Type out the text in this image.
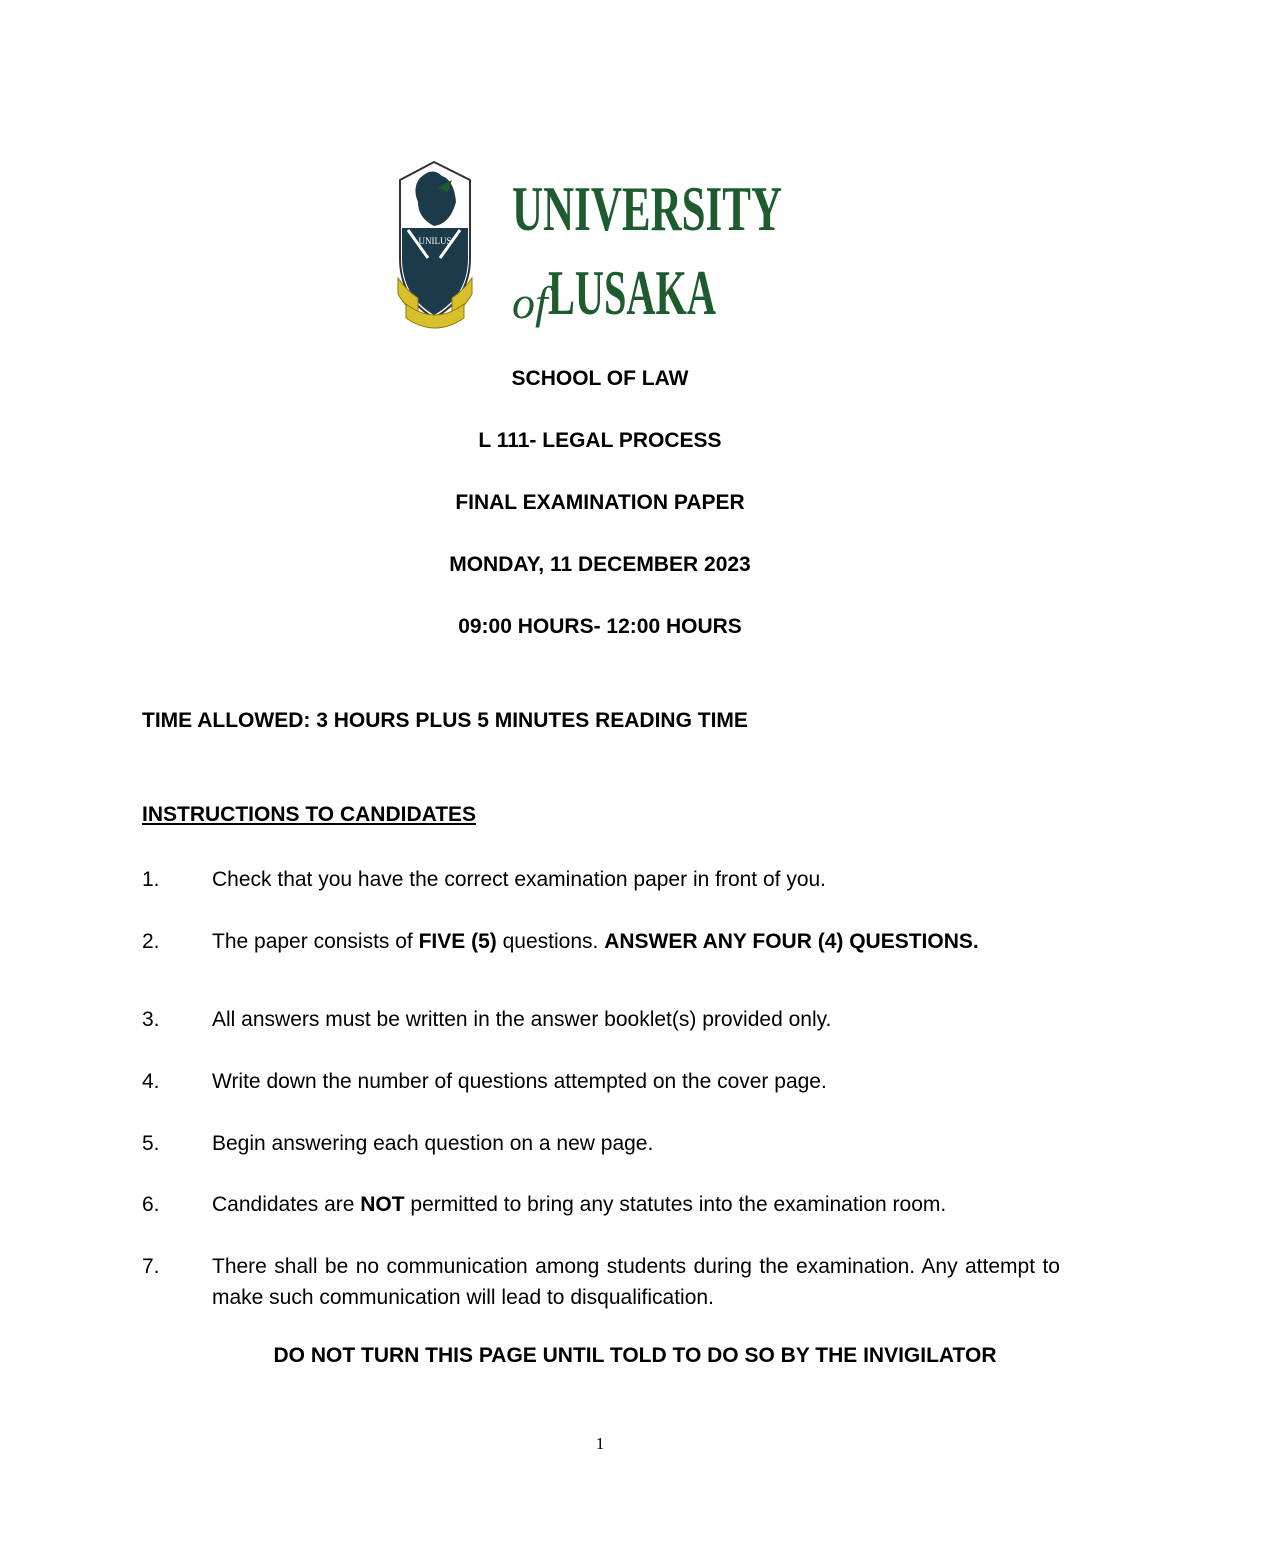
UNILUS UNIVERSITY
of LUSAKA
SCHOOL OF LAW
L 111- LEGAL PROCESS
FINAL EXAMINATION PAPER
MONDAY, 11 DECEMBER 2023
09:00 HOURS- 12:00 HOURS
TIME ALLOWED: 3 HOURS PLUS 5 MINUTES READING TIME
INSTRUCTIONS TO CANDIDATES
1. Check that you have the correct examination paper in front of you.
2. The paper consists of FIVE (5) questions. ANSWER ANY FOUR (4) QUESTIONS.
3. All answers must be written in the answer booklet(s) provided only.
4. Write down the number of questions attempted on the cover page.
5. Begin answering each question on a new page.
6. Candidates are NOT permitted to bring any statutes into the examination room.
7. There shall be no communication among students during the examination. Any attempt to make such communication will lead to disqualification.
DO NOT TURN THIS PAGE UNTIL TOLD TO DO SO BY THE INVIGILATOR
1
